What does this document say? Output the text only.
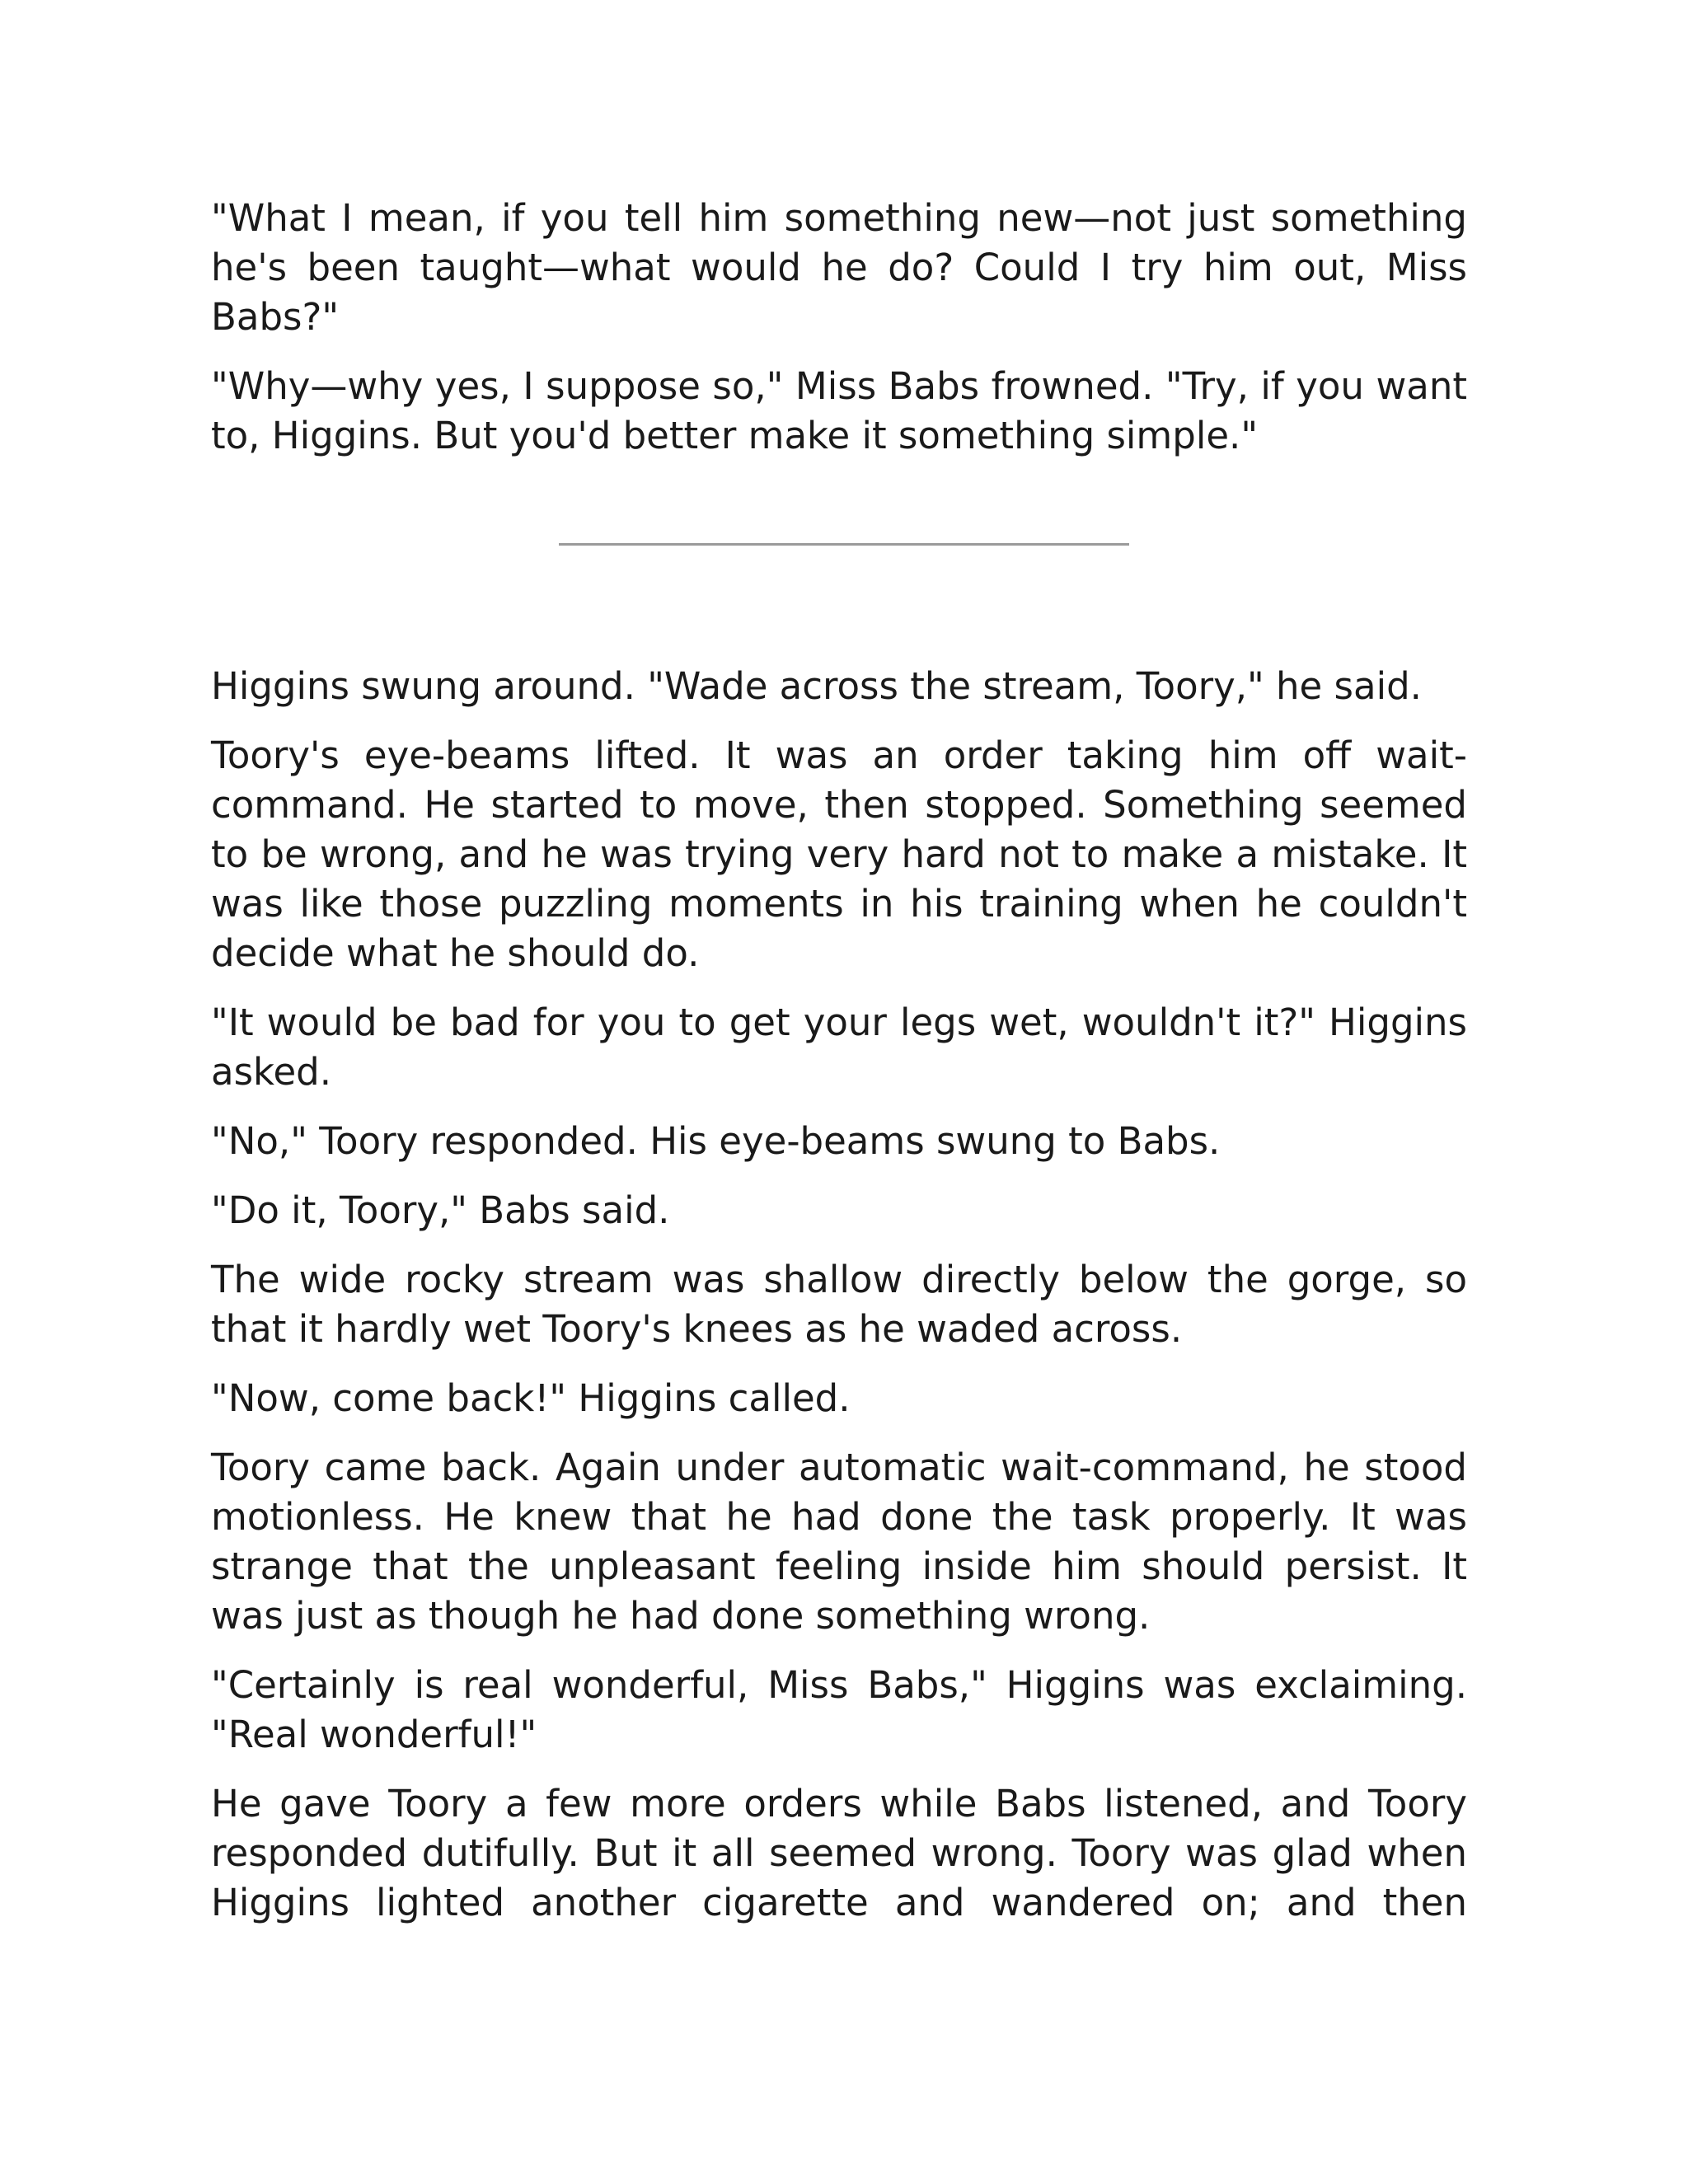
"What I mean, if you tell him something new—not just something he's been taught—what would he do? Could I try him out, Miss Babs?"

"Why—why yes, I suppose so," Miss Babs frowned. "Try, if you want to, Higgins. But you'd better make it something simple."

Higgins swung around. "Wade across the stream, Toory," he said.

Toory's eye-beams lifted. It was an order taking him off wait-command. He started to move, then stopped. Something seemed to be wrong, and he was trying very hard not to make a mistake. It was like those puzzling moments in his training when he couldn't decide what he should do.

"It would be bad for you to get your legs wet, wouldn't it?" Higgins asked.

"No," Toory responded. His eye-beams swung to Babs.

"Do it, Toory," Babs said.

The wide rocky stream was shallow directly below the gorge, so that it hardly wet Toory's knees as he waded across.

"Now, come back!" Higgins called.

Toory came back. Again under automatic wait-command, he stood motionless. He knew that he had done the task properly. It was strange that the unpleasant feeling inside him should persist. It was just as though he had done something wrong.

"Certainly is real wonderful, Miss Babs," Higgins was exclaiming. "Real wonderful!"

He gave Toory a few more orders while Babs listened, and Toory responded dutifully. But it all seemed wrong. Toory was glad when Higgins lighted another cigarette and wandered on; and then
